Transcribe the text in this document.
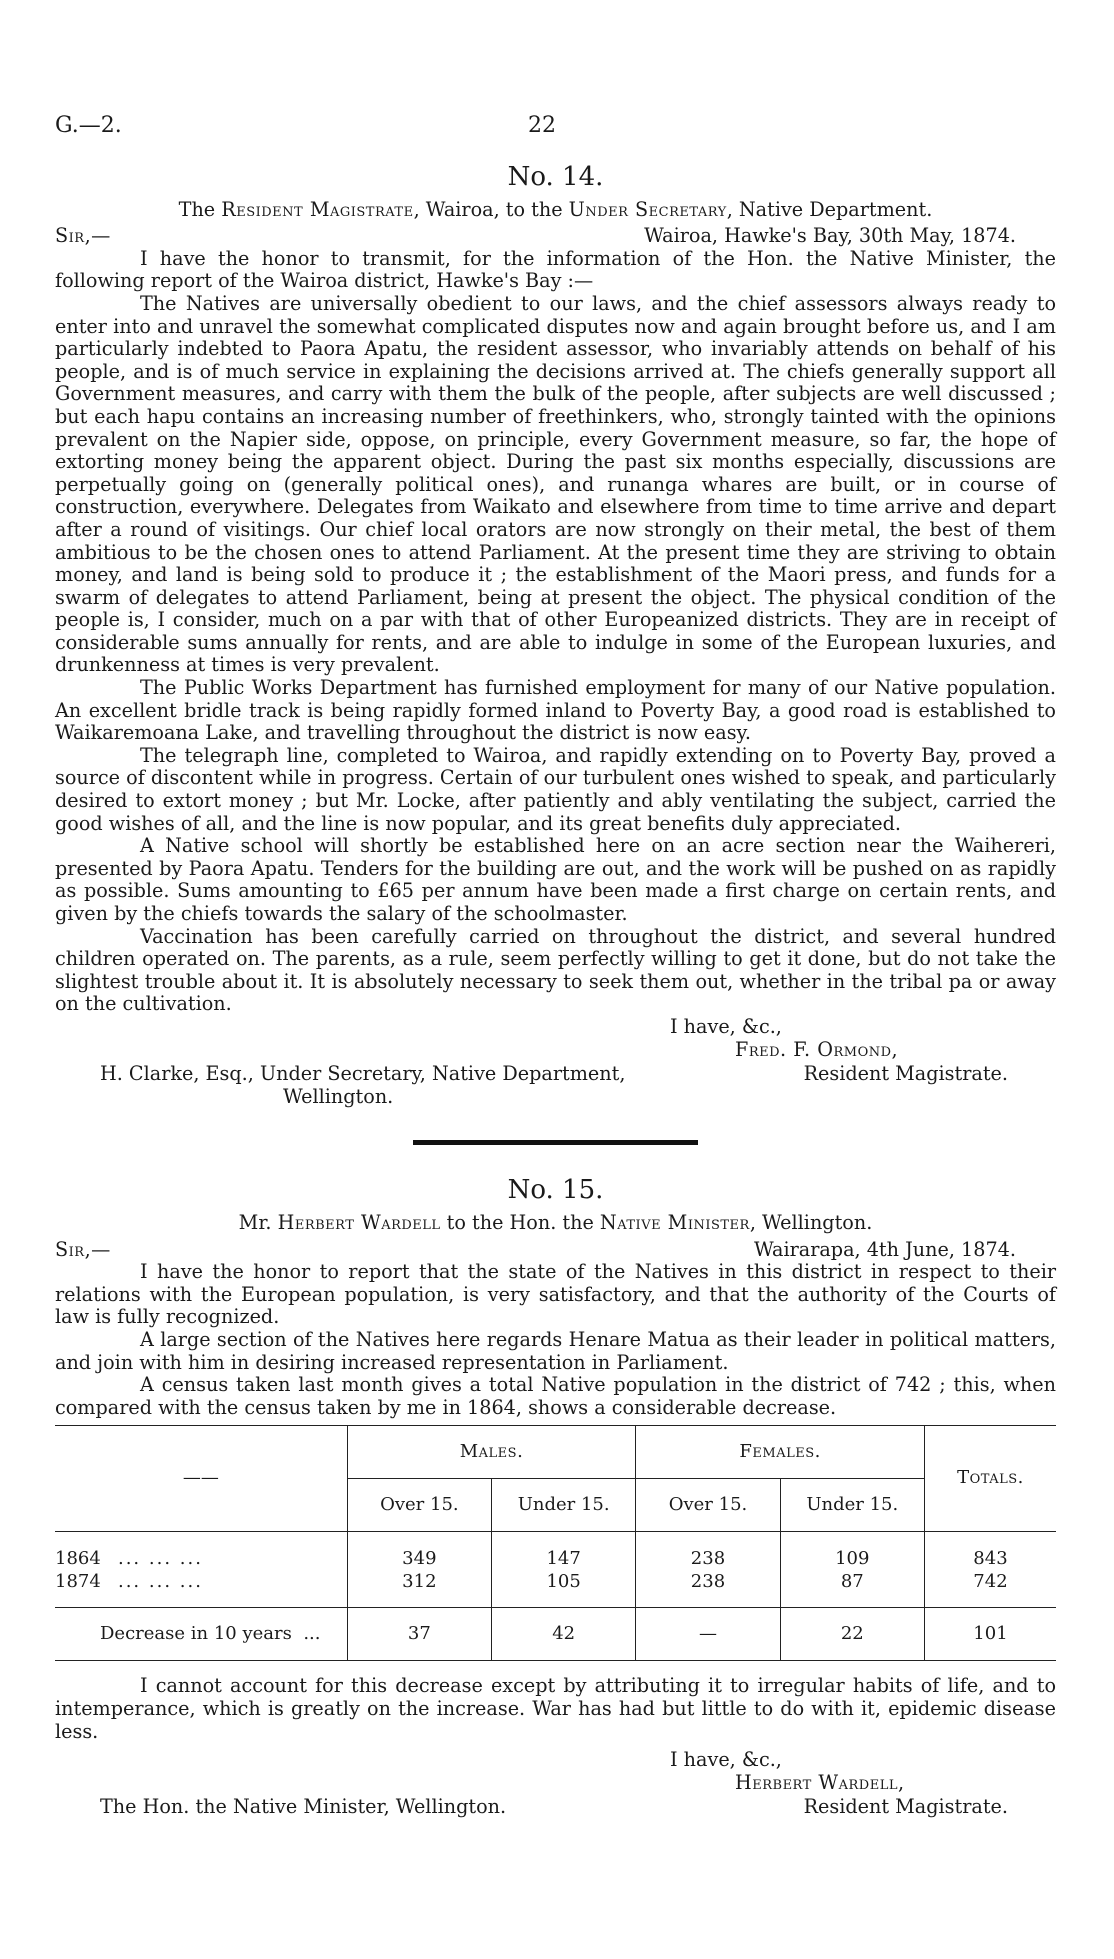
G.—2.	22
No. 14.
The Resident Magistrate, Wairoa, to the Under Secretary, Native Department.
Sir,—	Wairoa, Hawke's Bay, 30th May, 1874.

I have the honor to transmit, for the information of the Hon. the Native Minister, the following report of the Wairoa district, Hawke's Bay :—

The Natives are universally obedient to our laws, and the chief assessors always ready to enter into and unravel the somewhat complicated disputes now and again brought before us, and I am particularly indebted to Paora Apatu, the resident assessor, who invariably attends on behalf of his people, and is of much service in explaining the decisions arrived at. The chiefs generally support all Government measures, and carry with them the bulk of the people, after subjects are well discussed ; but each hapu contains an increasing number of freethinkers, who, strongly tainted with the opinions prevalent on the Napier side, oppose, on principle, every Government measure, so far, the hope of extorting money being the apparent object. During the past six months especially, discussions are perpetually going on (generally political ones), and runanga whares are built, or in course of construction, everywhere. Delegates from Waikato and elsewhere from time to time arrive and depart after a round of visitings. Our chief local orators are now strongly on their metal, the best of them ambitious to be the chosen ones to attend Parliament. At the present time they are striving to obtain money, and land is being sold to produce it ; the establishment of the Maori press, and funds for a swarm of delegates to attend Parliament, being at present the object. The physical condition of the people is, I consider, much on a par with that of other Europeanized districts. They are in receipt of considerable sums annually for rents, and are able to indulge in some of the European luxuries, and drunkenness at times is very prevalent.

The Public Works Department has furnished employment for many of our Native population. An excellent bridle track is being rapidly formed inland to Poverty Bay, a good road is established to Waikaremoana Lake, and travelling throughout the district is now easy.

The telegraph line, completed to Wairoa, and rapidly extending on to Poverty Bay, proved a source of discontent while in progress. Certain of our turbulent ones wished to speak, and particularly desired to extort money ; but Mr. Locke, after patiently and ably ventilating the subject, carried the good wishes of all, and the line is now popular, and its great benefits duly appreciated.

A Native school will shortly be established here on an acre section near the Waihereri, presented by Paora Apatu. Tenders for the building are out, and the work will be pushed on as rapidly as possible. Sums amounting to £65 per annum have been made a first charge on certain rents, and given by the chiefs towards the salary of the schoolmaster.

Vaccination has been carefully carried on throughout the district, and several hundred children operated on. The parents, as a rule, seem perfectly willing to get it done, but do not take the slightest trouble about it. It is absolutely necessary to seek them out, whether in the tribal pa or away on the cultivation.

I have, &c.,
Fred. F. Ormond,
H. Clarke, Esq., Under Secretary, Native Department,
Wellington.
Resident Magistrate.
No. 15.
Mr. Herbert Wardell to the Hon. the Native Minister, Wellington.
Sir,—	Wairarapa, 4th June, 1874.

I have the honor to report that the state of the Natives in this district in respect to their relations with the European population, is very satisfactory, and that the authority of the Courts of law is fully recognized.

A large section of the Natives here regards Henare Matua as their leader in political matters, and join with him in desiring increased representation in Parliament.

A census taken last month gives a total Native population in the district of 742 ; this, when compared with the census taken by me in 1864, shows a considerable decrease.

——	Males.		Females.		Totals.
	Over 15.	Under 15.	Over 15.	Under 15.	
1864 ... ... ...	349	147	238	109	843
1874 ... ... ...	312	105	238	87	742
Decrease in 10 years ...	37	42	—	22	101

I cannot account for this decrease except by attributing it to irregular habits of life, and to intemperance, which is greatly on the increase. War has had but little to do with it, epidemic disease less.

I have, &c.,
Herbert Wardell,
The Hon. the Native Minister, Wellington.	Resident Magistrate.
